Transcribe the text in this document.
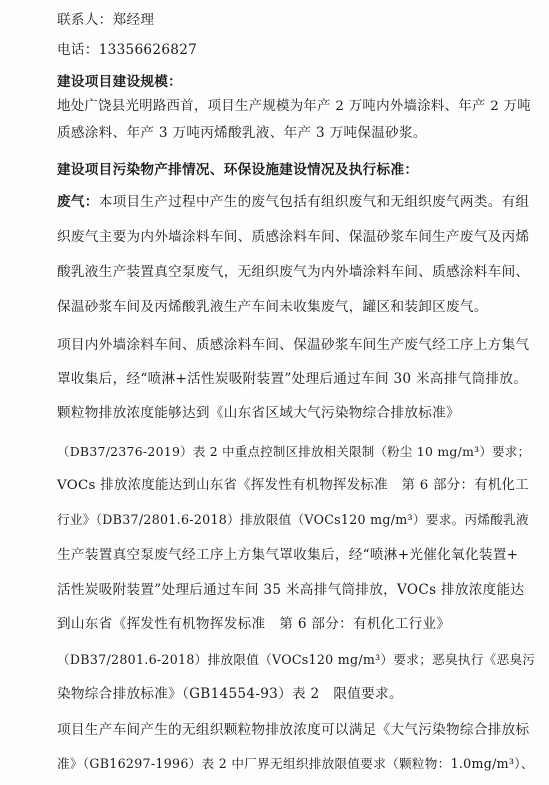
联系人：郑经理
电话：13356626827
建设项目建设规模：
地处广饶县光明路西首，项目生产规模为年产 2 万吨内外墙涂料、年产 2 万吨
质感涂料、年产 3 万吨丙烯酸乳液、年产 3 万吨保温砂浆。
建设项目污染物产排情况、环保设施建设情况及执行标准：
废气：本项目生产过程中产生的废气包括有组织废气和无组织废气两类。有组
织废气主要为内外墙涂料车间、质感涂料车间、保温砂浆车间生产废气及丙烯
酸乳液生产装置真空泵废气，无组织废气为内外墙涂料车间、质感涂料车间、
保温砂浆车间及丙烯酸乳液生产车间未收集废气，罐区和装卸区废气。
项目内外墙涂料车间、质感涂料车间、保温砂浆车间生产废气经工序上方集气
罩收集后，经“喷淋+活性炭吸附装置”处理后通过车间 30 米高排气筒排放。
颗粒物排放浓度能够达到《山东省区域大气污染物综合排放标准》
（DB37/2376-2019）表 2 中重点控制区排放相关限制（粉尘 10 mg/m³）要求；
VOCs 排放浓度能达到山东省《挥发性有机物挥发标准　第 6 部分：有机化工
行业》（DB37/2801.6-2018）排放限值（VOCs120 mg/m³）要求。丙烯酸乳液
生产装置真空泵废气经工序上方集气罩收集后，经“喷淋+光催化氧化装置+
活性炭吸附装置”处理后通过车间 35 米高排气筒排放，VOCs 排放浓度能达
到山东省《挥发性有机物挥发标准　第 6 部分：有机化工行业》
（DB37/2801.6-2018）排放限值（VOCs120 mg/m³）要求；恶臭执行《恶臭污
染物综合排放标准》（GB14554-93）表 2　限值要求。
项目生产车间产生的无组织颗粒物排放浓度可以满足《大气污染物综合排放标
准》（GB16297-1996）表 2 中厂界无组织排放限值要求（颗粒物：1.0mg/m³）、
